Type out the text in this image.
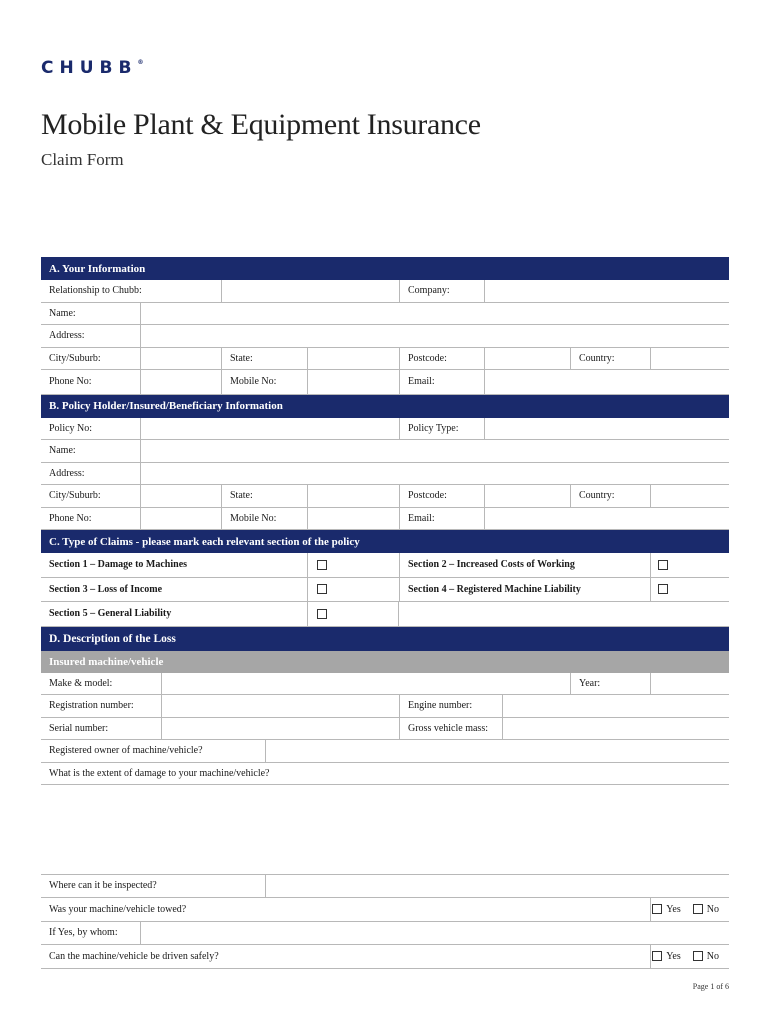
CHUBB®
Mobile Plant & Equipment Insurance
Claim Form
A. Your Information
Relationship to Chubb:	Company:
Name:
Address:
City/Suburb:	State:	Postcode:	Country:
Phone No:	Mobile No:	Email:
B. Policy Holder/Insured/Beneficiary Information
Policy No:	Policy Type:
Name:
Address:
City/Suburb:	State:	Postcode:	Country:
Phone No:	Mobile No:	Email:
C. Type of Claims - please mark each relevant section of the policy
Section 1 – Damage to Machines	Section 2 – Increased Costs of Working
Section 3 – Loss of Income	Section 4 – Registered Machine Liability
Section 5 – General Liability
D. Description of the Loss
Insured machine/vehicle
Make & model:	Year:
Registration number:	Engine number:
Serial number:	Gross vehicle mass:
Registered owner of machine/vehicle?
What is the extent of damage to your machine/vehicle?
Where can it be inspected?
Was your machine/vehicle towed?	Yes	No
If Yes, by whom:
Can the machine/vehicle be driven safely?	Yes	No
Page 1 of 6
